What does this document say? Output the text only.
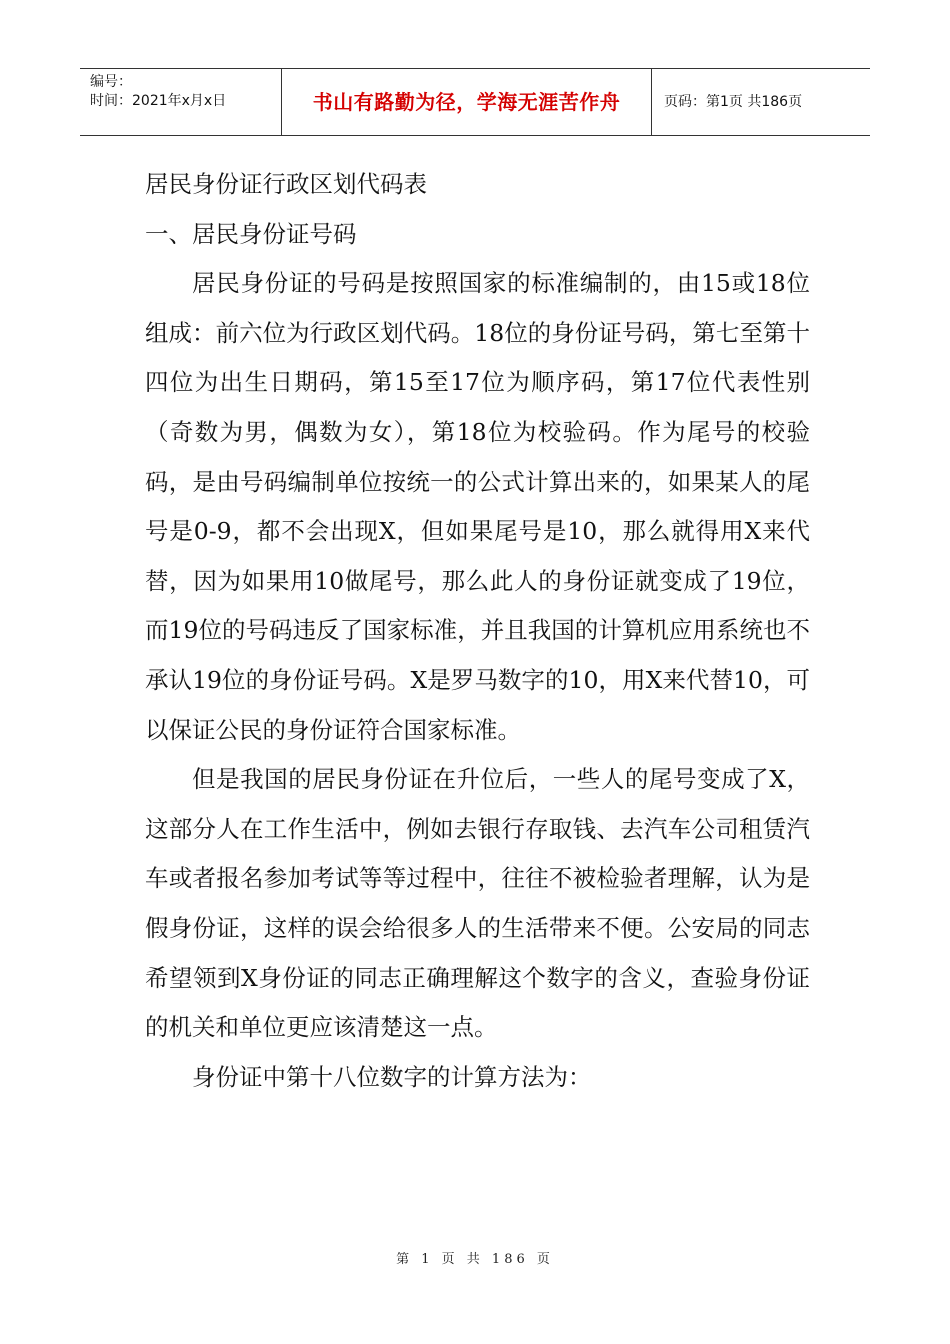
编号：
时间：2021年x月x日	书山有路勤为径，学海无涯苦作舟	页码：第1页 共186页

居民身份证行政区划代码表

一、居民身份证号码

居民身份证的号码是按照国家的标准编制的，由15或18位组成：前六位为行政区划代码。18位的身份证号码，第七至第十四位为出生日期码，第15至17位为顺序码，第17位代表性别（奇数为男，偶数为女），第18位为校验码。作为尾号的校验码，是由号码编制单位按统一的公式计算出来的，如果某人的尾号是0-9，都不会出现X，但如果尾号是10，那么就得用X来代替，因为如果用10做尾号，那么此人的身份证就变成了19位，而19位的号码违反了国家标准，并且我国的计算机应用系统也不承认19位的身份证号码。Ⅹ是罗马数字的10，用X来代替10，可以保证公民的身份证符合国家标准。

但是我国的居民身份证在升位后，一些人的尾号变成了X，这部分人在工作生活中，例如去银行存取钱、去汽车公司租赁汽车或者报名参加考试等等过程中，往往不被检验者理解，认为是假身份证，这样的误会给很多人的生活带来不便。公安局的同志希望领到X身份证的同志正确理解这个数字的含义，查验身份证的机关和单位更应该清楚这一点。

身份证中第十八位数字的计算方法为：

第 1 页 共 186 页
